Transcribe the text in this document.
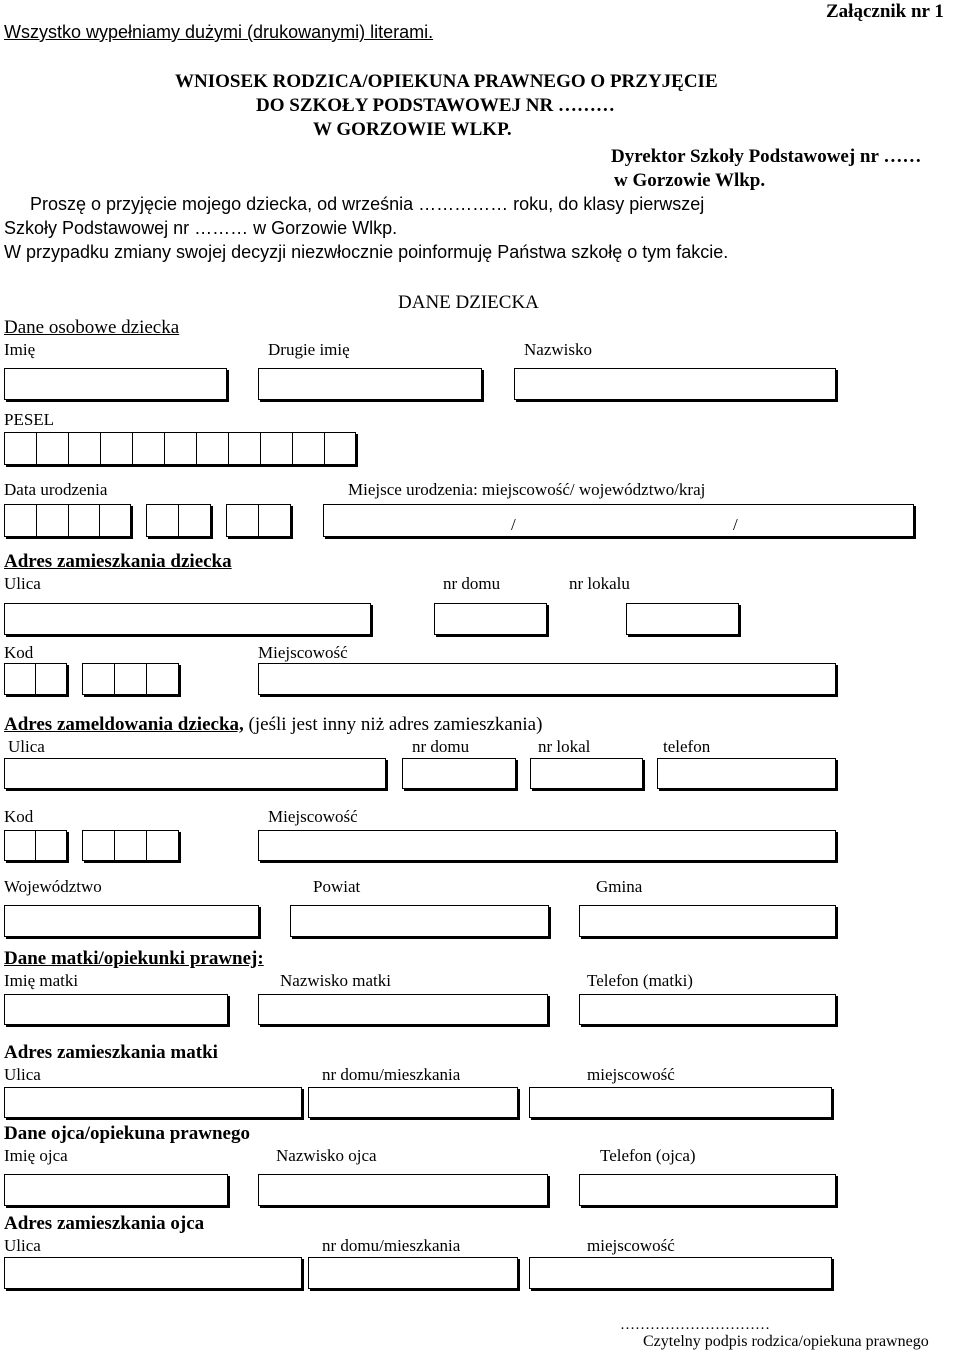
Wszystko wypełniamy dużymi (drukowanymi) literami.
Załącznik nr 1
WNIOSEK RODZICA/OPIEKUNA PRAWNEGO O PRZYJĘCIE
DO SZKOŁY PODSTAWOWEJ NR ………
W GORZOWIE WLKP.
Dyrektor Szkoły Podstawowej nr ……
w Gorzowie Wlkp.
Proszę o przyjęcie mojego dziecka, od września …………… roku, do klasy pierwszej
Szkoły Podstawowej nr ……… w Gorzowie Wlkp.
W przypadku zmiany swojej decyzji niezwłocznie poinformuję Państwa szkołę o tym fakcie.
DANE DZIECKA
Dane osobowe dziecka
Imię	Drugie imię	Nazwisko
PESEL
Data urodzenia	Miejsce urodzenia: miejscowość/ województwo/kraj
/	/
Adres zamieszkania dziecka
Ulica	nr domu	nr lokalu
Kod	Miejscowość
Adres zameldowania dziecka, (jeśli jest inny niż adres zamieszkania)
Ulica	nr domu	nr lokal	telefon
Kod	Miejscowość
Województwo	Powiat	Gmina
Dane matki/opiekunki prawnej:
Imię matki	Nazwisko matki	Telefon (matki)
Adres zamieszkania matki
Ulica	nr domu/mieszkania	miejscowość
Dane ojca/opiekuna prawnego
Imię ojca	Nazwisko ojca	Telefon (ojca)
Adres zamieszkania ojca
Ulica	nr domu/mieszkania	miejscowość
…………………………
Czytelny podpis rodzica/opiekuna prawnego
